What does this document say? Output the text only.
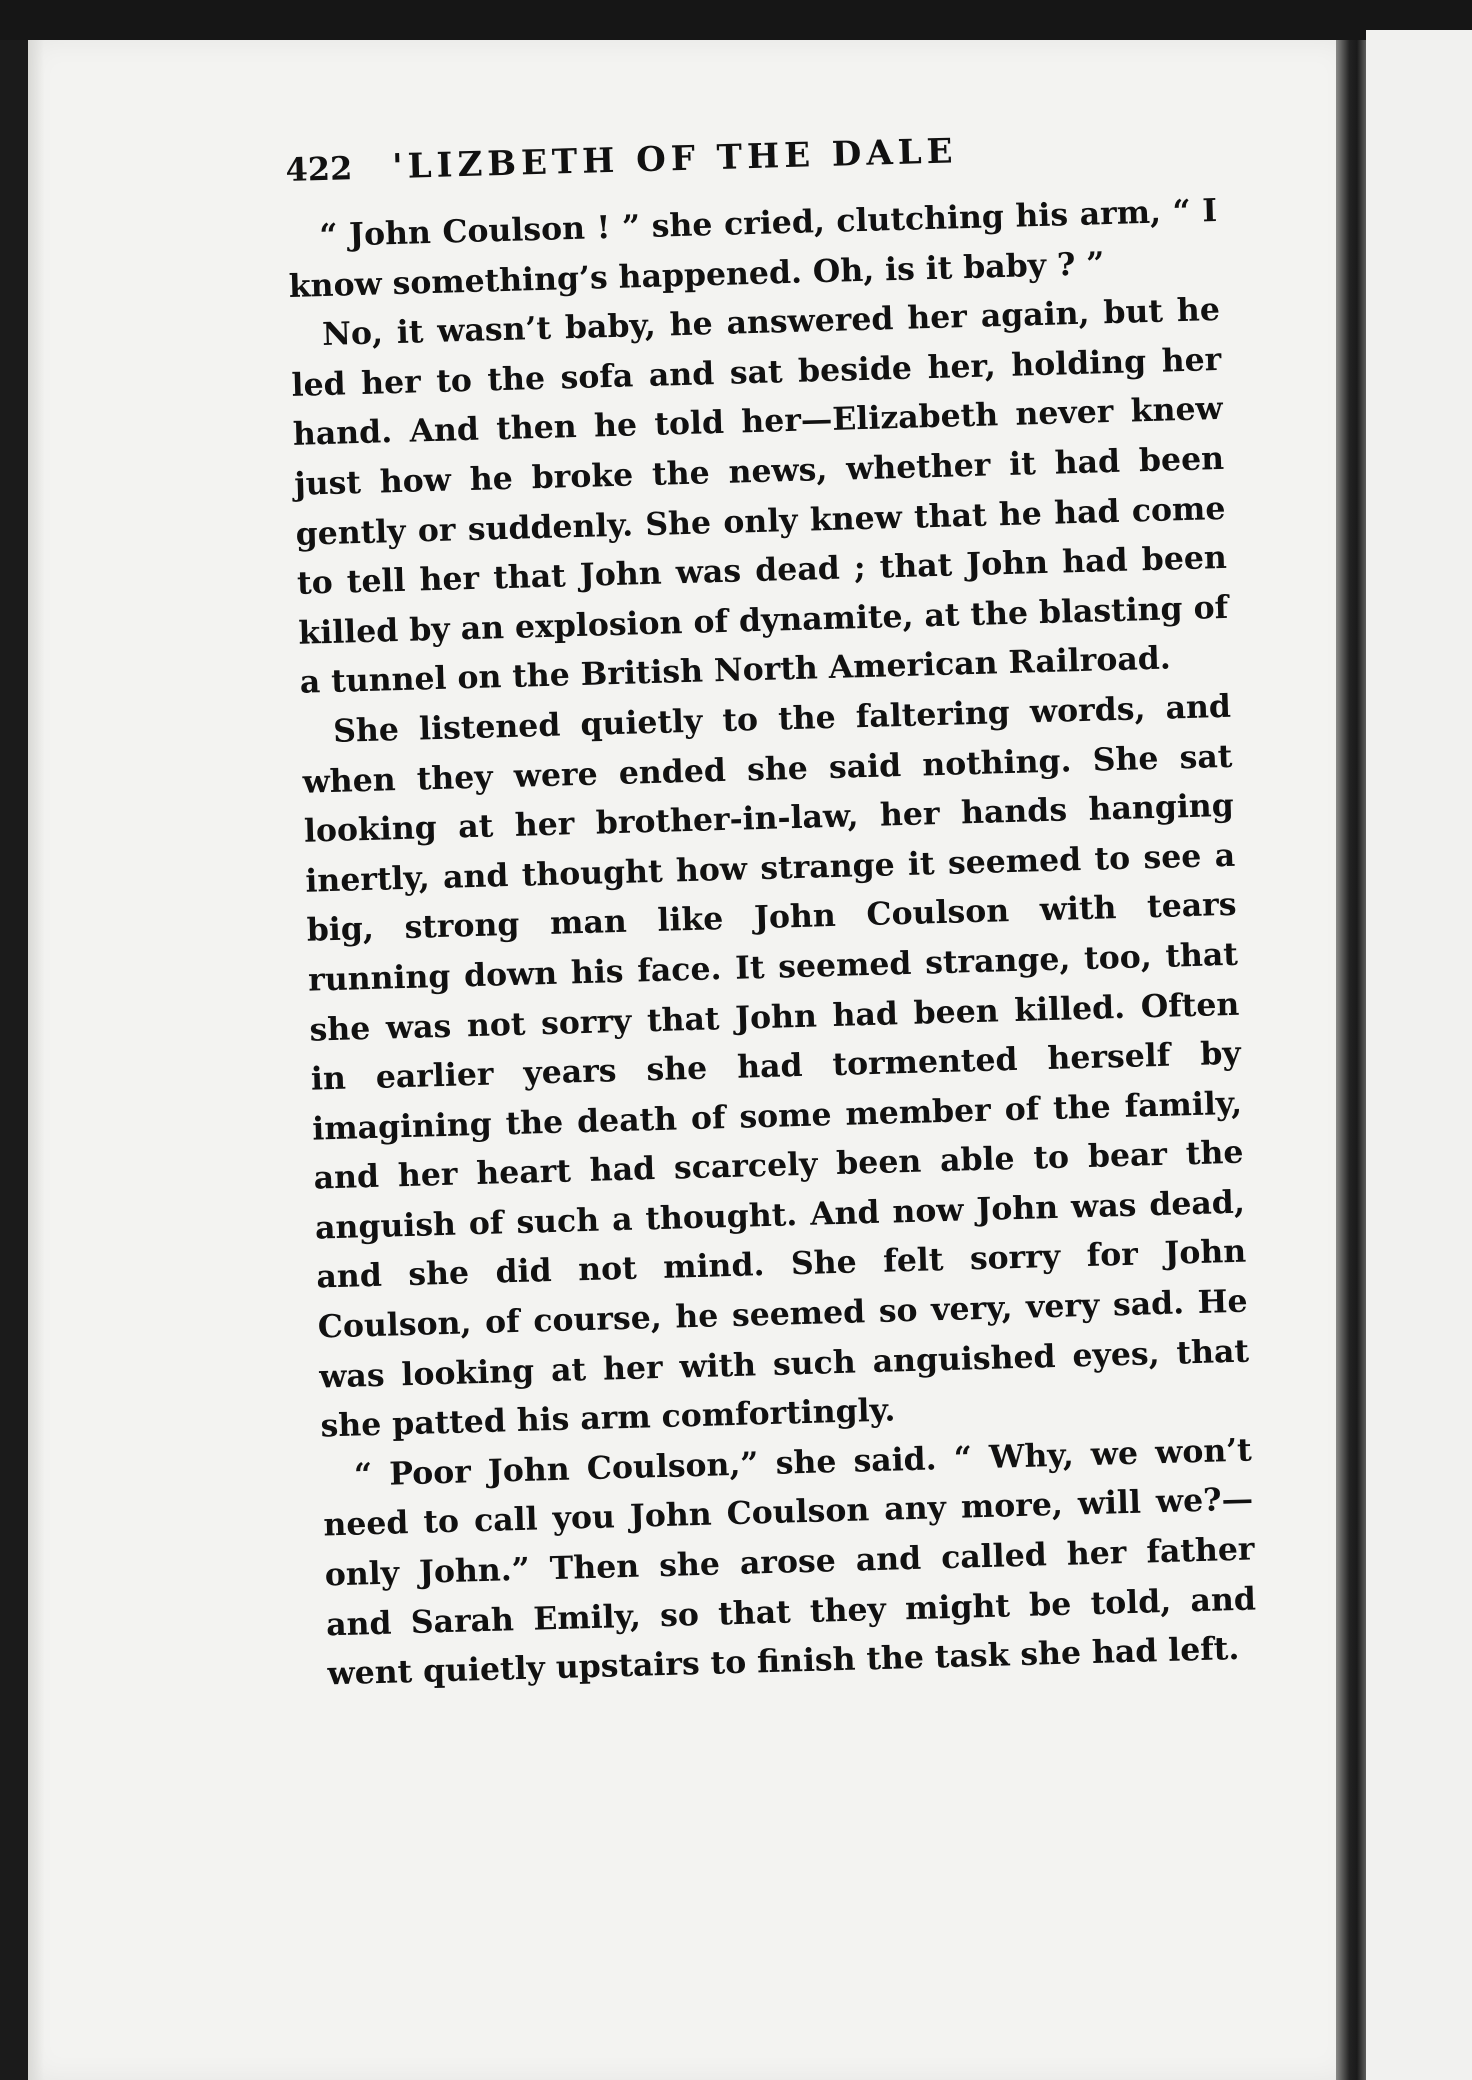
422 'LIZBETH OF THE DALE

“ John Coulson ! ” she cried, clutching his arm, “ I know something’s happened. Oh, is it baby ? ”

No, it wasn’t baby, he answered her again, but he led her to the sofa and sat beside her, holding her hand. And then he told her—Elizabeth never knew just how he broke the news, whether it had been gently or suddenly. She only knew that he had come to tell her that John was dead ; that John had been killed by an explosion of dynamite, at the blasting of a tunnel on the British North American Railroad.

She listened quietly to the faltering words, and when they were ended she said nothing. She sat looking at her brother-in-law, her hands hanging inertly, and thought how strange it seemed to see a big, strong man like John Coulson with tears running down his face. It seemed strange, too, that she was not sorry that John had been killed. Often in earlier years she had tormented herself by imagining the death of some member of the family, and her heart had scarcely been able to bear the anguish of such a thought. And now John was dead, and she did not mind. She felt sorry for John Coulson, of course, he seemed so very, very sad. He was looking at her with such anguished eyes, that she patted his arm comfortingly.

“ Poor John Coulson,” she said. “ Why, we won’t need to call you John Coulson any more, will we?— only John.” Then she arose and called her father and Sarah Emily, so that they might be told, and went quietly upstairs to finish the task she had left.
